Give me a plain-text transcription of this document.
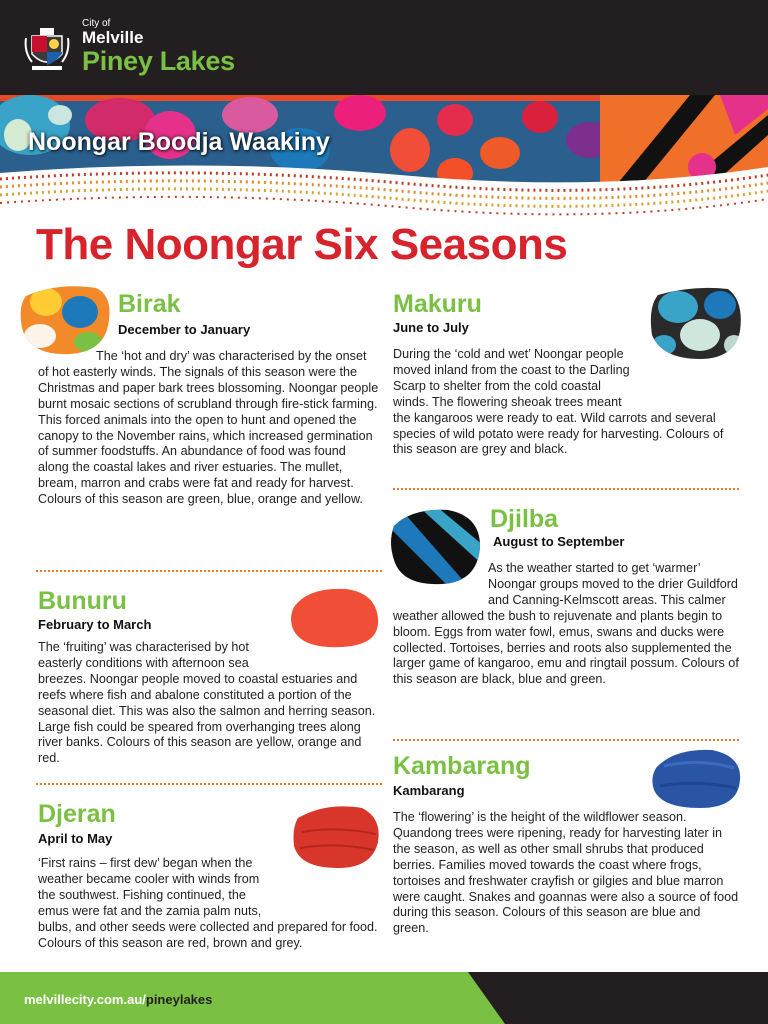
City of
Melville
Piney Lakes
Noongar Boodja Waakiny
The Noongar Six Seasons
Birak
December to January

The ‘hot and dry’ was characterised by the onset of hot easterly winds. The signals of this season were the Christmas and paper bark trees blossoming. Noongar people burnt mosaic sections of scrubland through fire-stick farming. This forced animals into the open to hunt and opened the canopy to the November rains, which increased germination of summer foodstuffs. An abundance of food was found along the coastal lakes and river estuaries. The mullet, bream, marron and crabs were fat and ready for harvest. Colours of this season are green, blue, orange and yellow.

Bunuru
February to March

The ‘fruiting’ was characterised by hot easterly conditions with afternoon sea breezes. Noongar people moved to coastal estuaries and reefs where fish and abalone constituted a portion of the seasonal diet. This was also the salmon and herring season. Large fish could be speared from overhanging trees along river banks. Colours of this season are yellow, orange and red.

Djeran
April to May

‘First rains – first dew’ began when the weather became cooler with winds from the southwest. Fishing continued, the emus were fat and the zamia palm nuts, bulbs, and other seeds were collected and prepared for food. Colours of this season are red, brown and grey.

Makuru
June to July

During the ‘cold and wet’ Noongar people moved inland from the coast to the Darling Scarp to shelter from the cold coastal winds. The flowering sheoak trees meant the kangaroos were ready to eat. Wild carrots and several species of wild potato were ready for harvesting. Colours of this season are grey and black.

Djilba
August to September

As the weather started to get ‘warmer’ Noongar groups moved to the drier Guildford and Canning-Kelmscott areas. This calmer weather allowed the bush to rejuvenate and plants begin to bloom. Eggs from water fowl, emus, swans and ducks were collected. Tortoises, berries and roots also supplemented the larger game of kangaroo, emu and ringtail possum. Colours of this season are black, blue and green.

Kambarang
Kambarang

The ‘flowering’ is the height of the wildflower season. Quandong trees were ripening, ready for harvesting later in the season, as well as other small shrubs that produced berries. Families moved towards the coast where frogs, tortoises and freshwater crayfish or gilgies and blue marron were caught. Snakes and goannas were also a source of food during this season. Colours of this season are blue and green.

melvillecity.com.au/pineylakes
